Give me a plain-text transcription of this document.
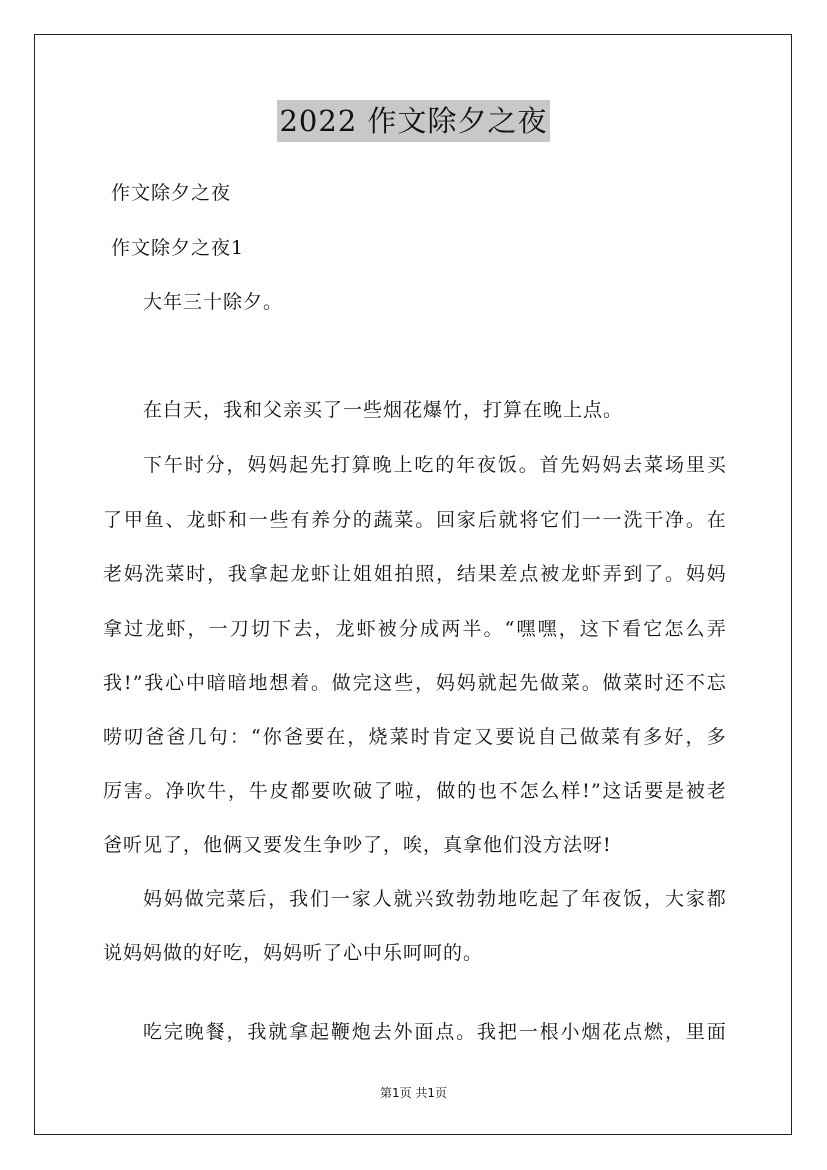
2022 作文除夕之夜
作文除夕之夜
作文除夕之夜1
大年三十除夕。
在白天，我和父亲买了一些烟花爆竹，打算在晚上点。
下午时分，妈妈起先打算晚上吃的年夜饭。首先妈妈去菜场里买
了甲鱼、龙虾和一些有养分的蔬菜。回家后就将它们一一洗干净。在
老妈洗菜时，我拿起龙虾让姐姐拍照，结果差点被龙虾弄到了。妈妈
拿过龙虾，一刀切下去，龙虾被分成两半。“嘿嘿，这下看它怎么弄
我!”我心中暗暗地想着。做完这些，妈妈就起先做菜。做菜时还不忘
唠叨爸爸几句：“你爸要在，烧菜时肯定又要说自己做菜有多好，多
厉害。净吹牛，牛皮都要吹破了啦，做的也不怎么样!”这话要是被老
爸听见了，他俩又要发生争吵了，唉，真拿他们没方法呀!
妈妈做完菜后，我们一家人就兴致勃勃地吃起了年夜饭，大家都
说妈妈做的好吃，妈妈听了心中乐呵呵的。
吃完晚餐，我就拿起鞭炮去外面点。我把一根小烟花点燃，里面
第1页 共1页
